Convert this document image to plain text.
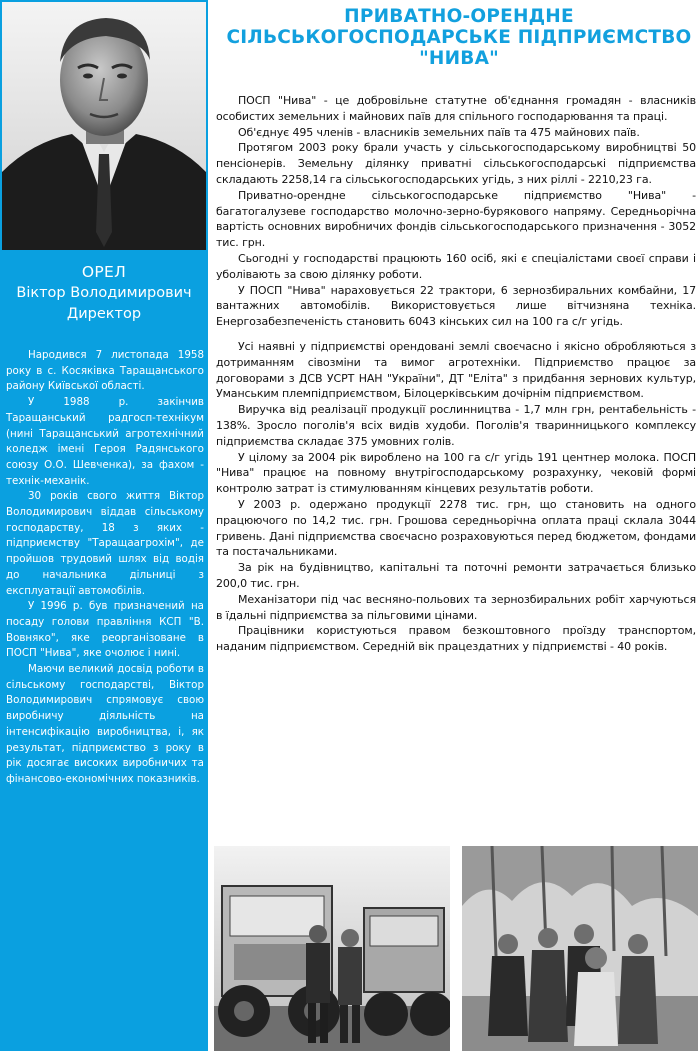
ОРЕЛ
Віктор Володимирович
Директор

Народився 7 листопада 1958 року в с. Косяківка Таращанського району Київської області.

У 1988 р. закінчив Таращанський радгосп-технікум (нині Таращанський агротехнічний коледж імені Героя Радянського союзу О.О. Шевченка), за фахом - технік-механік.

30 років свого життя Віктор Володимирович віддав сільському господарству, 18 з яких - підприємству "Таращаагрохім", де пройшов трудовий шлях від водія до начальника дільниці з експлуатації автомобілів.

У 1996 р. був призначений на посаду голови правління КСП "В. Вовняко", яке реорганізоване в ПОСП "Нива", яке очолює і нині.

Маючи великий досвід роботи в сільському господарстві, Віктор Володимирович спрямовує свою виробничу діяльність на інтенсифікацію виробництва, і, як результат, підприємство з року в рік досягає високих виробничих та фінансово-економічних показників.

ПРИВАТНО-ОРЕНДНЕ
СІЛЬСЬКОГОСПОДАРСЬКЕ ПІДПРИЄМСТВО
"НИВА"

ПОСП "Нива" - це добровільне статутне об'єднання громадян - власників особистих земельних і майнових паїв для спільного господарювання та праці.

Об'єднує 495 членів - власників земельних паїв та 475 майнових паїв.

Протягом 2003 року брали участь у сільськогосподарському виробництві 50 пенсіонерів. Земельну ділянку приватні сільськогосподарські підприємства складають 2258,14 га сільськогосподарських угідь, з них ріллі - 2210,23 га.

Приватно-орендне сільськогосподарське підприємство "Нива" - багатогалузеве господарство молочно-зерно-бурякового напряму. Середньорічна вартість основних виробничих фондів сільськогосподарського призначення - 3052 тис. грн.

Сьогодні у господарстві працюють 160 осіб, які є спеціалістами своєї справи і уболівають за свою ділянку роботи.

У ПОСП "Нива" нараховується 22 трактори, 6 зернозбиральних комбайни, 17 вантажних автомобілів. Використовується лише вітчизняна техніка. Енергозабезпеченість становить 6043 кінських сил на 100 га с/г угідь.

Усі наявні у підприємстві орендовані землі своєчасно і якісно обробляються з дотриманням сівозміни та вимог агротехніки. Підприємство працює за договорами з ДСВ УСРТ НАН "України", ДТ "Еліта" з придбання зернових культур, Уманським племпідприємством, Білоцерківським дочірнім підприємством.

Виручка від реалізації продукції рослинництва - 1,7 млн грн, рентабельність - 138%. Зросло поголів'я всіх видів худоби. Поголів'я тваринницького комплексу підприємства складає 375 умовних голів.

У цілому за 2004 рік вироблено на 100 га с/г угідь 191 центнер молока. ПОСП "Нива" працює на повному внутрігосподарському розрахунку, чековій формі контролю затрат із стимулюванням кінцевих результатів роботи.

У 2003 р. одержано продукції 2278 тис. грн, що становить на одного працюючого по 14,2 тис. грн. Грошова середньорічна оплата праці склала 3044 гривень. Дані підприємства своєчасно розраховуються перед бюджетом, фондами та постачальниками.

За рік на будівництво, капітальні та поточні ремонти затрачається близько 200,0 тис. грн.

Механізатори під час весняно-польових та зернозбиральних робіт харчуються в їдальні підприємства за пільговими цінами.

Працівники користуються правом безкоштовного проїзду транспортом, наданим підприємством. Середній вік працездатних у підприємстві - 40 років.
